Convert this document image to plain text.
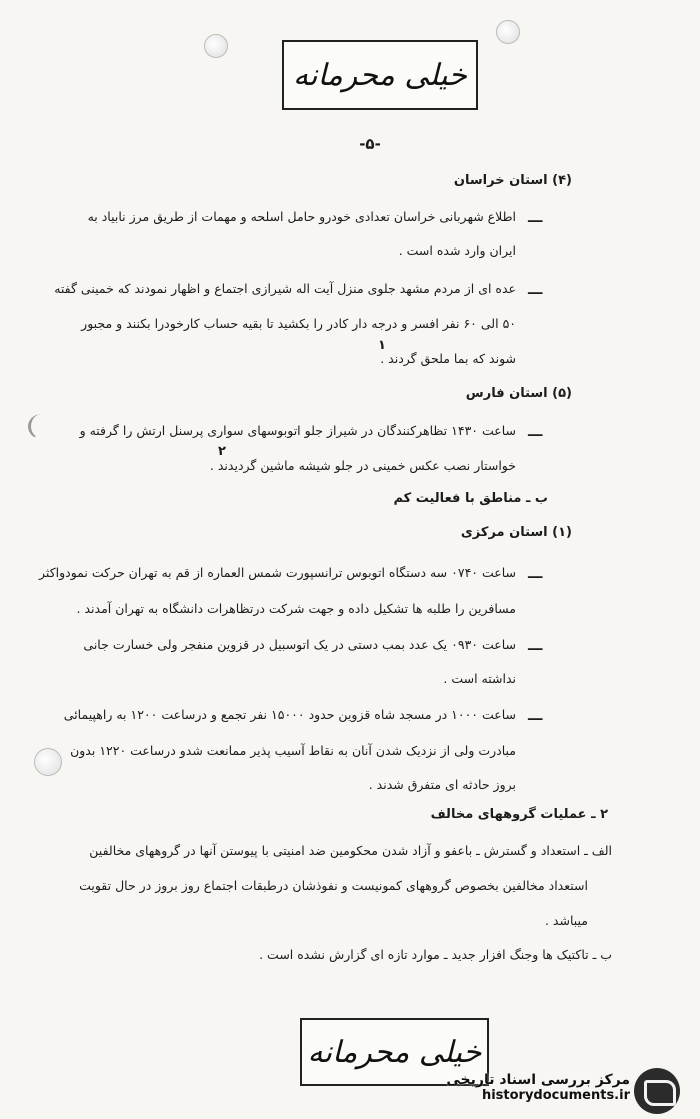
خیلی محرمانه
-۵-
(۴) استان خراسان
ـــ
اطلاع شهربانی خراسان تعدادی خودرو حامل اسلحه و مهمات از طریق مرز نابیاد به
ایران وارد شده است .
ـــ
عده ای از مردم مشهد جلوی منزل آیت اله شیرازی اجتماع و اظهار نمودند که خمینی گفته
۵۰ الی ۶۰ نفر افسر و درجه دار کادر را بکشید تا بقیه حساب کارخودرا بکنند و مجبور
شوند که بما ملحق گردند .
۱
(۵) استان فارس
ـــ
ساعت ۱۴۳۰ تظاهرکنندگان در شیراز جلو اتوبوسهای سواری پرسنل ارتش را گرفته و
خواستار نصب عکس خمینی در جلو شیشه ماشین گردیدند .
۲
ب ـ مناطق با فعالیت کم
(۱) استان مرکزی
ـــ
ساعت ۰۷۴۰ سه دستگاه اتوبوس ترانسپورت شمس العماره از قم به تهران حرکت نمودواکثر
مسافرین را طلبه ها تشکیل داده و جهت شرکت درتظاهرات دانشگاه به تهران آمدند .
ـــ
ساعت ۰۹۳۰ یک عدد بمب دستی در یک اتوسبیل در قزوین منفجر ولی خسارت جانی
نداشته است .
ـــ
ساعت ۱۰۰۰ در مسجد شاه قزوین حدود ۱۵۰۰۰ نفر تجمع و درساعت ۱۲۰۰ به راهپیمائی
مبادرت ولی از نزدیک شدن آنان به نقاط آسیب پذیر ممانعت شدو درساعت ۱۲۲۰ بدون
بروز حادثه ای متفرق شدند .
۲ ـ عملیات گروههای مخالف
الف ـ استعداد و گسترش ـ باعفو و آزاد شدن محکومین ضد امنیتی با پیوستن آنها در گروههای مخالفین
استعداد مخالفین بخصوص گروههای کمونیست و نفوذشان درطبقات اجتماع روز بروز در حال تقویت
میباشد .
ب ـ تاکتیک ها وجنگ افزار جدید ـ موارد تازه ای گزارش نشده است .
خیلی محرمانه
مرکز بررسی اسناد تاریخی
historydocuments.ir
